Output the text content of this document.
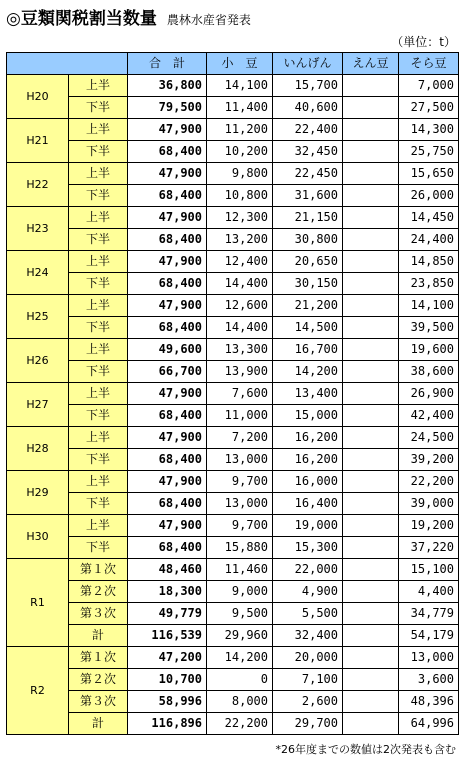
◎豆類関税割当数量 農林水産省発表
（単位：t）
		合　計	小　豆	いんげん	えん豆	そら豆
H20	上半	36,800	14,100	15,700		7,000
	下半	79,500	11,400	40,600		27,500
H21	上半	47,900	11,200	22,400		14,300
	下半	68,400	10,200	32,450		25,750
H22	上半	47,900	9,800	22,450		15,650
	下半	68,400	10,800	31,600		26,000
H23	上半	47,900	12,300	21,150		14,450
	下半	68,400	13,200	30,800		24,400
H24	上半	47,900	12,400	20,650		14,850
	下半	68,400	14,400	30,150		23,850
H25	上半	47,900	12,600	21,200		14,100
	下半	68,400	14,400	14,500		39,500
H26	上半	49,600	13,300	16,700		19,600
	下半	66,700	13,900	14,200		38,600
H27	上半	47,900	7,600	13,400		26,900
	下半	68,400	11,000	15,000		42,400
H28	上半	47,900	7,200	16,200		24,500
	下半	68,400	13,000	16,200		39,200
H29	上半	47,900	9,700	16,000		22,200
	下半	68,400	13,000	16,400		39,000
H30	上半	47,900	9,700	19,000		19,200
	下半	68,400	15,880	15,300		37,220
R1	第１次	48,460	11,460	22,000		15,100
	第２次	18,300	9,000	4,900		4,400
	第３次	49,779	9,500	5,500		34,779
	計	116,539	29,960	32,400		54,179
R2	第１次	47,200	14,200	20,000		13,000
	第２次	10,700	0	7,100		3,600
	第３次	58,996	8,000	2,600		48,396
	計	116,896	22,200	29,700		64,996
*26年度までの数値は2次発表も含む
